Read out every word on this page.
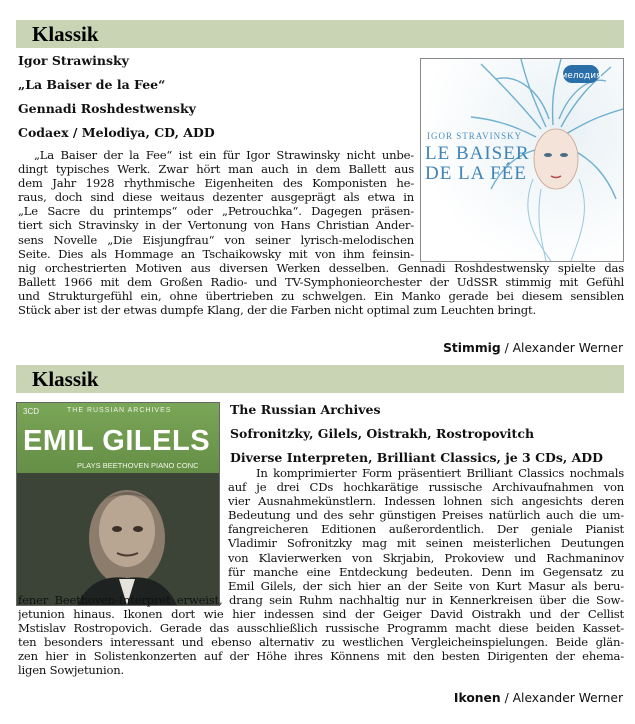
Klassik
Igor Strawinsky
„La Baiser de la Fee“
Gennadi Roshdestwensky
Codaex / Melodiya, CD, ADD
мелодия
IGOR STRAVINSKY
LE BAISER
DE LA FÉE
„La Baiser der la Fee“ ist ein für Igor Strawinsky nicht unbe-
dingt typisches Werk. Zwar hört man auch in dem Ballett aus
dem Jahr 1928 rhythmische Eigenheiten des Komponisten he-
raus, doch sind diese weitaus dezenter ausgeprägt als etwa in
„Le Sacre du printemps“ oder „Petrouchka“. Dagegen präsen-
tiert sich Stravinsky in der Vertonung von Hans Christian Ander-
sens Novelle „Die Eisjungfrau“ von seiner lyrisch-melodischen
Seite. Dies als Hommage an Tschaikowsky mit von ihm feinsin-
nig orchestrierten Motiven aus diversen Werken desselben. Gennadi Roshdestwensky spielte das
Ballett 1966 mit dem Großen Radio- und TV-Symphonieorchester der UdSSR stimmig mit Gefühl
und Strukturgefühl ein, ohne übertrieben zu schwelgen. Ein Manko gerade bei diesem sensiblen
Stück aber ist der etwas dumpfe Klang, der die Farben nicht optimal zum Leuchten bringt.
Stimmig / Alexander Werner
Klassik
3CD	THE RUSSIAN ARCHIVES
EMIL GILELS
PLAYS BEETHOVEN PIANO CONC
The Russian Archives
Sofronitzky, Gilels, Oistrakh, Rostropovitch
Diverse Interpreten, Brilliant Classics, je 3 CDs, ADD
In komprimierter Form präsentiert Brilliant Classics nochmals
auf je drei CDs hochkarätige russische Archivaufnahmen von
vier Ausnahmekünstlern. Indessen lohnen sich angesichts deren
Bedeutung und des sehr günstigen Preises natürlich auch die um-
fangreicheren Editionen außerordentlich. Der geniale Pianist
Vladimir Sofronitzky mag mit seinen meisterlichen Deutungen
von Klavierwerken von Skrjabin, Prokoview und Rachmaninov
für manche eine Entdeckung bedeuten. Denn im Gegensatz zu
Emil Gilels, der sich hier an der Seite von Kurt Masur als beru-
fener Beethoven-Interpret erweist, drang sein Ruhm nachhaltig nur in Kennerkreisen über die Sow-
jetunion hinaus. Ikonen dort wie hier indessen sind der Geiger David Oistrakh und der Cellist
Mstislav Rostropovich. Gerade das ausschließlich russische Programm macht diese beiden Kasset-
ten besonders interessant und ebenso alternativ zu westlichen Vergleicheinspielungen. Beide glän-
zen hier in Solistenkonzerten auf der Höhe ihres Könnens mit den besten Dirigenten der ehema-
ligen Sowjetunion.
Ikonen / Alexander Werner
